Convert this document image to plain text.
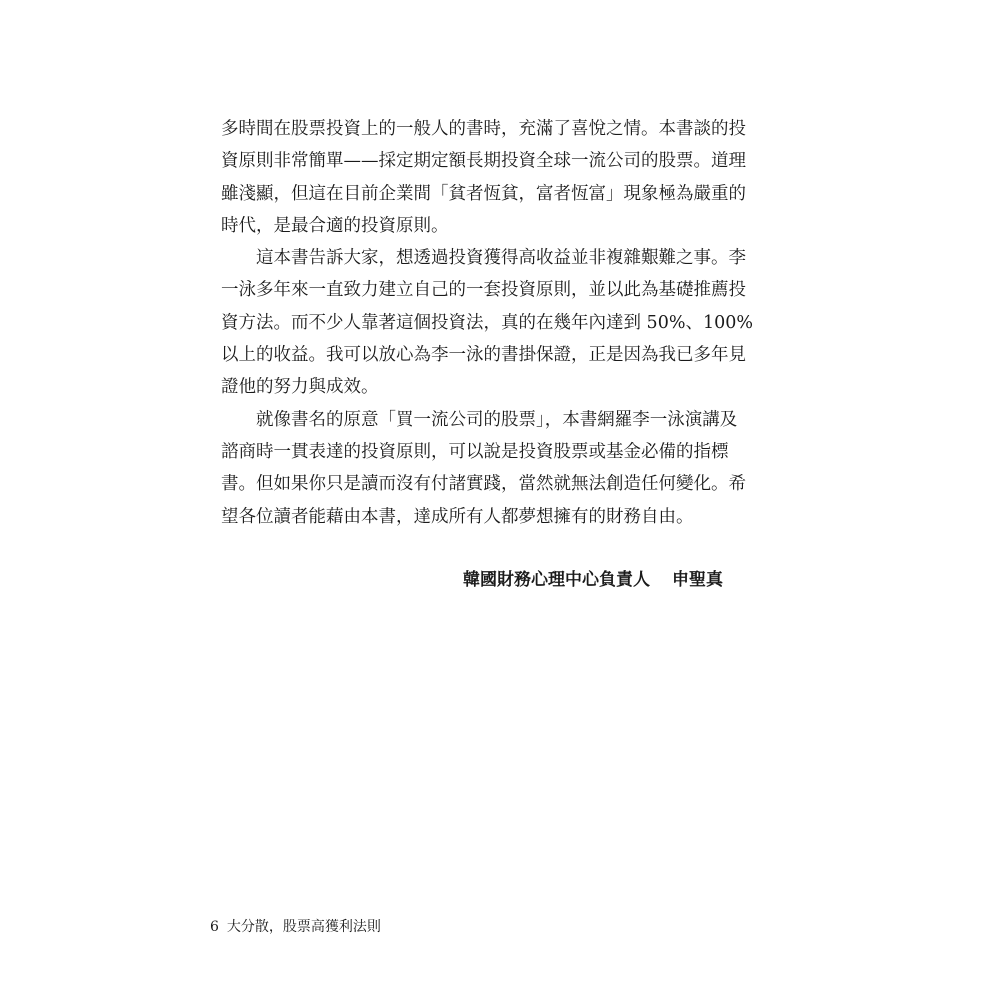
多時間在股票投資上的一般人的書時，充滿了喜悅之情。本書談的投
資原則非常簡單——採定期定額長期投資全球一流公司的股票。道理
雖淺顯，但這在目前企業間「貧者恆貧，富者恆富」現象極為嚴重的
時代，是最合適的投資原則。
這本書告訴大家，想透過投資獲得高收益並非複雜艱難之事。李
一泳多年來一直致力建立自己的一套投資原則，並以此為基礎推薦投
資方法。而不少人靠著這個投資法，真的在幾年內達到 50%、100%
以上的收益。我可以放心為李一泳的書掛保證，正是因為我已多年見
證他的努力與成效。
就像書名的原意「買一流公司的股票」，本書網羅李一泳演講及
諮商時一貫表達的投資原則，可以說是投資股票或基金必備的指標
書。但如果你只是讀而沒有付諸實踐，當然就無法創造任何變化。希
望各位讀者能藉由本書，達成所有人都夢想擁有的財務自由。
韓國財務心理中心負責人 申聖真
6 大分散，股票高獲利法則
